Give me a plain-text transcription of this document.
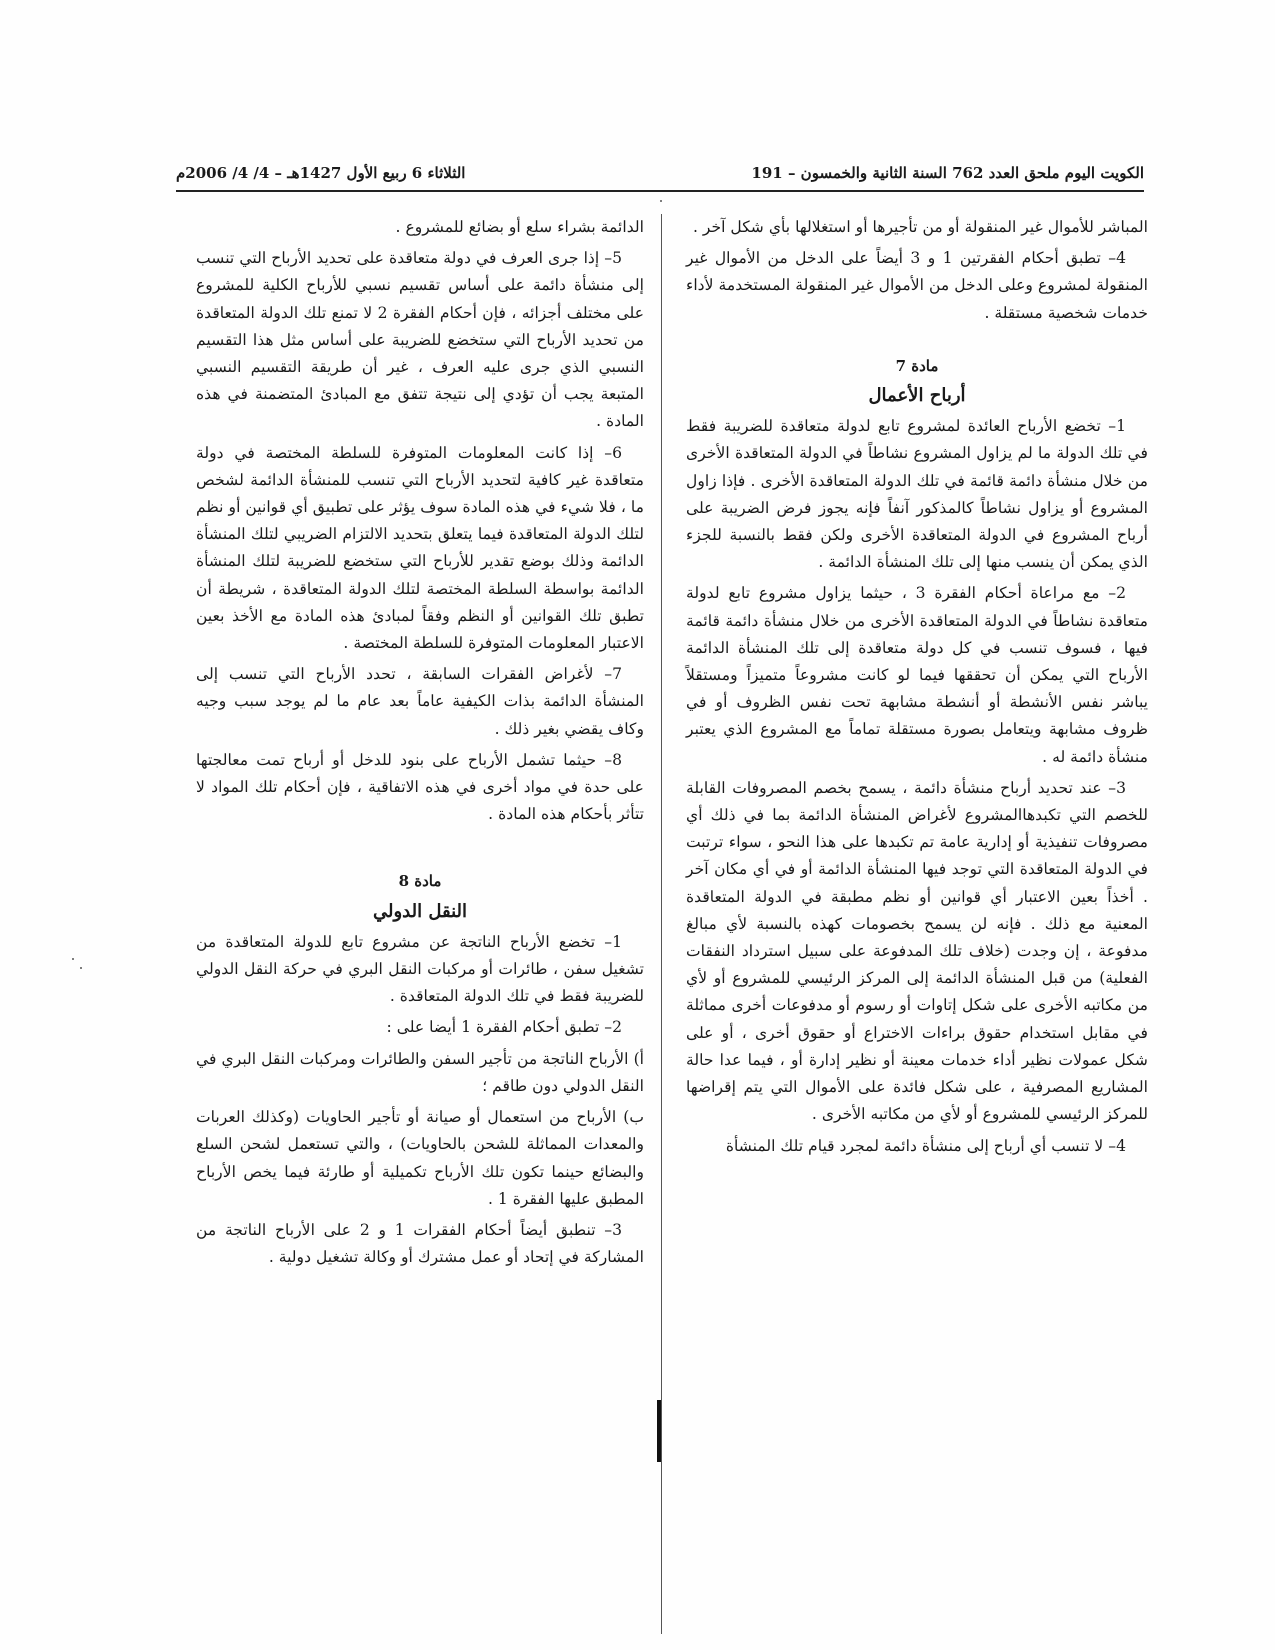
الكويت اليوم ملحق العدد 762 السنة الثانية والخمسون – 191
الثلاثاء 6 ربيع الأول 1427هـ – 4/ 4/ 2006م

المباشر للأموال غير المنقولة أو من تأجيرها أو استغلالها بأي شكل آخر .

4– تطبق أحكام الفقرتين 1 و 3 أيضاً على الدخل من الأموال غير المنقولة لمشروع وعلى الدخل من الأموال غير المنقولة المستخدمة لأداء خدمات شخصية مستقلة .

مادة 7
أرباح الأعمال

1– تخضع الأرباح العائدة لمشروع تابع لدولة متعاقدة للضريبة فقط في تلك الدولة ما لم يزاول المشروع نشاطاً في الدولة المتعاقدة الأخرى من خلال منشأة دائمة قائمة في تلك الدولة المتعاقدة الأخرى . فإذا زاول المشروع أو يزاول نشاطاً كالمذكور آنفاً فإنه يجوز فرض الضريبة على أرباح المشروع في الدولة المتعاقدة الأخرى ولكن فقط بالنسبة للجزء الذي يمكن أن ينسب منها إلى تلك المنشأة الدائمة .

2– مع مراعاة أحكام الفقرة 3 ، حيثما يزاول مشروع تابع لدولة متعاقدة نشاطاً في الدولة المتعاقدة الأخرى من خلال منشأة دائمة قائمة فيها ، فسوف تنسب في كل دولة متعاقدة إلى تلك المنشأة الدائمة الأرباح التي يمكن أن تحققها فيما لو كانت مشروعاً متميزاً ومستقلاً يباشر نفس الأنشطة أو أنشطة مشابهة تحت نفس الظروف أو في ظروف مشابهة ويتعامل بصورة مستقلة تماماً مع المشروع الذي يعتبر منشأة دائمة له .

3– عند تحديد أرباح منشأة دائمة ، يسمح بخصم المصروفات القابلة للخصم التي تكبدهاالمشروع لأغراض المنشأة الدائمة بما في ذلك أي مصروفات تنفيذية أو إدارية عامة تم تكبدها على هذا النحو ، سواء ترتبت في الدولة المتعاقدة التي توجد فيها المنشأة الدائمة أو في أي مكان آخر . أخذاً بعين الاعتبار أي قوانين أو نظم مطبقة في الدولة المتعاقدة المعنية مع ذلك . فإنه لن يسمح بخصومات كهذه بالنسبة لأي مبالغ مدفوعة ، إن وجدت (خلاف تلك المدفوعة على سبيل استرداد النفقات الفعلية) من قبل المنشأة الدائمة إلى المركز الرئيسي للمشروع أو لأي من مكاتبه الأخرى على شكل إتاوات أو رسوم أو مدفوعات أخرى مماثلة في مقابل استخدام حقوق براءات الاختراع أو حقوق أخرى ، أو على شكل عمولات نظير أداء خدمات معينة أو نظير إدارة أو ، فيما عدا حالة المشاريع المصرفية ، على شكل فائدة على الأموال التي يتم إقراضها للمركز الرئيسي للمشروع أو لأي من مكاتبه الأخرى .

4– لا تنسب أي أرباح إلى منشأة دائمة لمجرد قيام تلك المنشأة

الدائمة بشراء سلع أو بضائع للمشروع .

5– إذا جرى العرف في دولة متعاقدة على تحديد الأرباح التي تنسب إلى منشأة دائمة على أساس تقسيم نسبي للأرباح الكلية للمشروع على مختلف أجزائه ، فإن أحكام الفقرة 2 لا تمنع تلك الدولة المتعاقدة من تحديد الأرباح التي ستخضع للضريبة على أساس مثل هذا التقسيم النسبي الذي جرى عليه العرف ، غير أن طريقة التقسيم النسبي المتبعة يجب أن تؤدي إلى نتيجة تتفق مع المبادئ المتضمنة في هذه المادة .

6– إذا كانت المعلومات المتوفرة للسلطة المختصة في دولة متعاقدة غير كافية لتحديد الأرباح التي تنسب للمنشأة الدائمة لشخص ما ، فلا شيء في هذه المادة سوف يؤثر على تطبيق أي قوانين أو نظم لتلك الدولة المتعاقدة فيما يتعلق بتحديد الالتزام الضريبي لتلك المنشأة الدائمة وذلك بوضع تقدير للأرباح التي ستخضع للضريبة لتلك المنشأة الدائمة بواسطة السلطة المختصة لتلك الدولة المتعاقدة ، شريطة أن تطبق تلك القوانين أو النظم وفقاً لمبادئ هذه المادة مع الأخذ بعين الاعتبار المعلومات المتوفرة للسلطة المختصة .

7– لأغراض الفقرات السابقة ، تحدد الأرباح التي تنسب إلى المنشأة الدائمة بذات الكيفية عاماً بعد عام ما لم يوجد سبب وجيه وكاف يقضي بغير ذلك .

8– حيثما تشمل الأرباح على بنود للدخل أو أرباح تمت معالجتها على حدة في مواد أخرى في هذه الاتفاقية ، فإن أحكام تلك المواد لا تتأثر بأحكام هذه المادة .

مادة 8
النقل الدولي

1– تخضع الأرباح الناتجة عن مشروع تابع للدولة المتعاقدة من تشغيل سفن ، طائرات أو مركبات النقل البري في حركة النقل الدولي للضريبة فقط في تلك الدولة المتعاقدة .

2– تطبق أحكام الفقرة 1 أيضا على :

أ) الأرباح الناتجة من تأجير السفن والطائرات ومركبات النقل البري في النقل الدولي دون طاقم ؛

ب) الأرباح من استعمال أو صيانة أو تأجير الحاويات (وكذلك العربات والمعدات المماثلة للشحن بالحاويات) ، والتي تستعمل لشحن السلع والبضائع حينما تكون تلك الأرباح تكميلية أو طارئة فيما يخص الأرباح المطبق عليها الفقرة 1 .

3– تنطبق أيضاً أحكام الفقرات 1 و 2 على الأرباح الناتجة من المشاركة في إتحاد أو عمل مشترك أو وكالة تشغيل دولية .
